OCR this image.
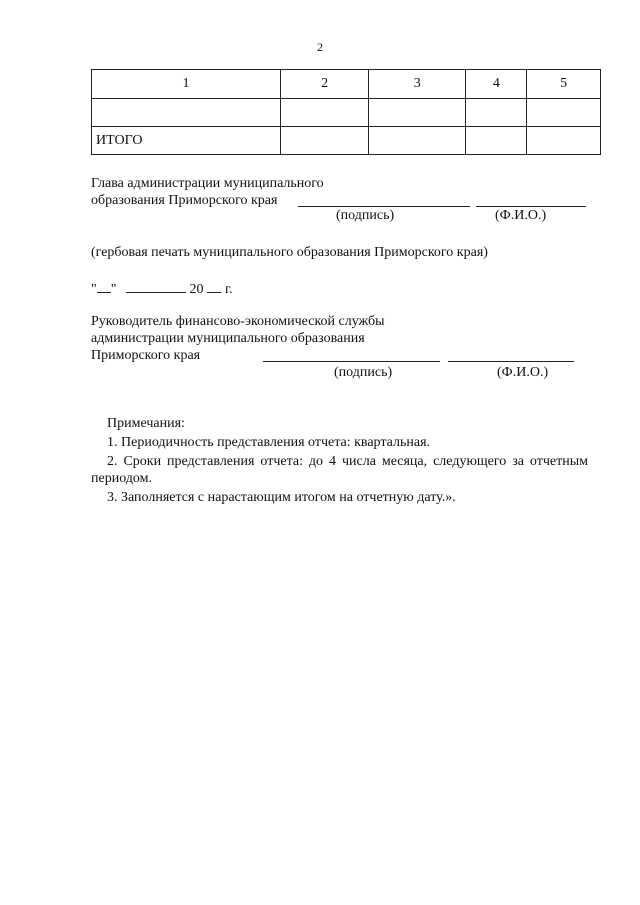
2
1	2	3	4	5

ИТОГО				
Глава администрации муниципального
образования Приморского края
(подпись)	(Ф.И.О.)
(гербовая печать муниципального образования Приморского края)
" "	20 г.
Руководитель финансово-экономической службы
администрации муниципального образования
Приморского края
(подпись)	(Ф.И.О.)

Примечания:

1. Периодичность представления отчета: квартальная.

2. Сроки представления отчета: до 4 числа месяца, следующего за отчетным периодом.

3. Заполняется с нарастающим итогом на отчетную дату.».
